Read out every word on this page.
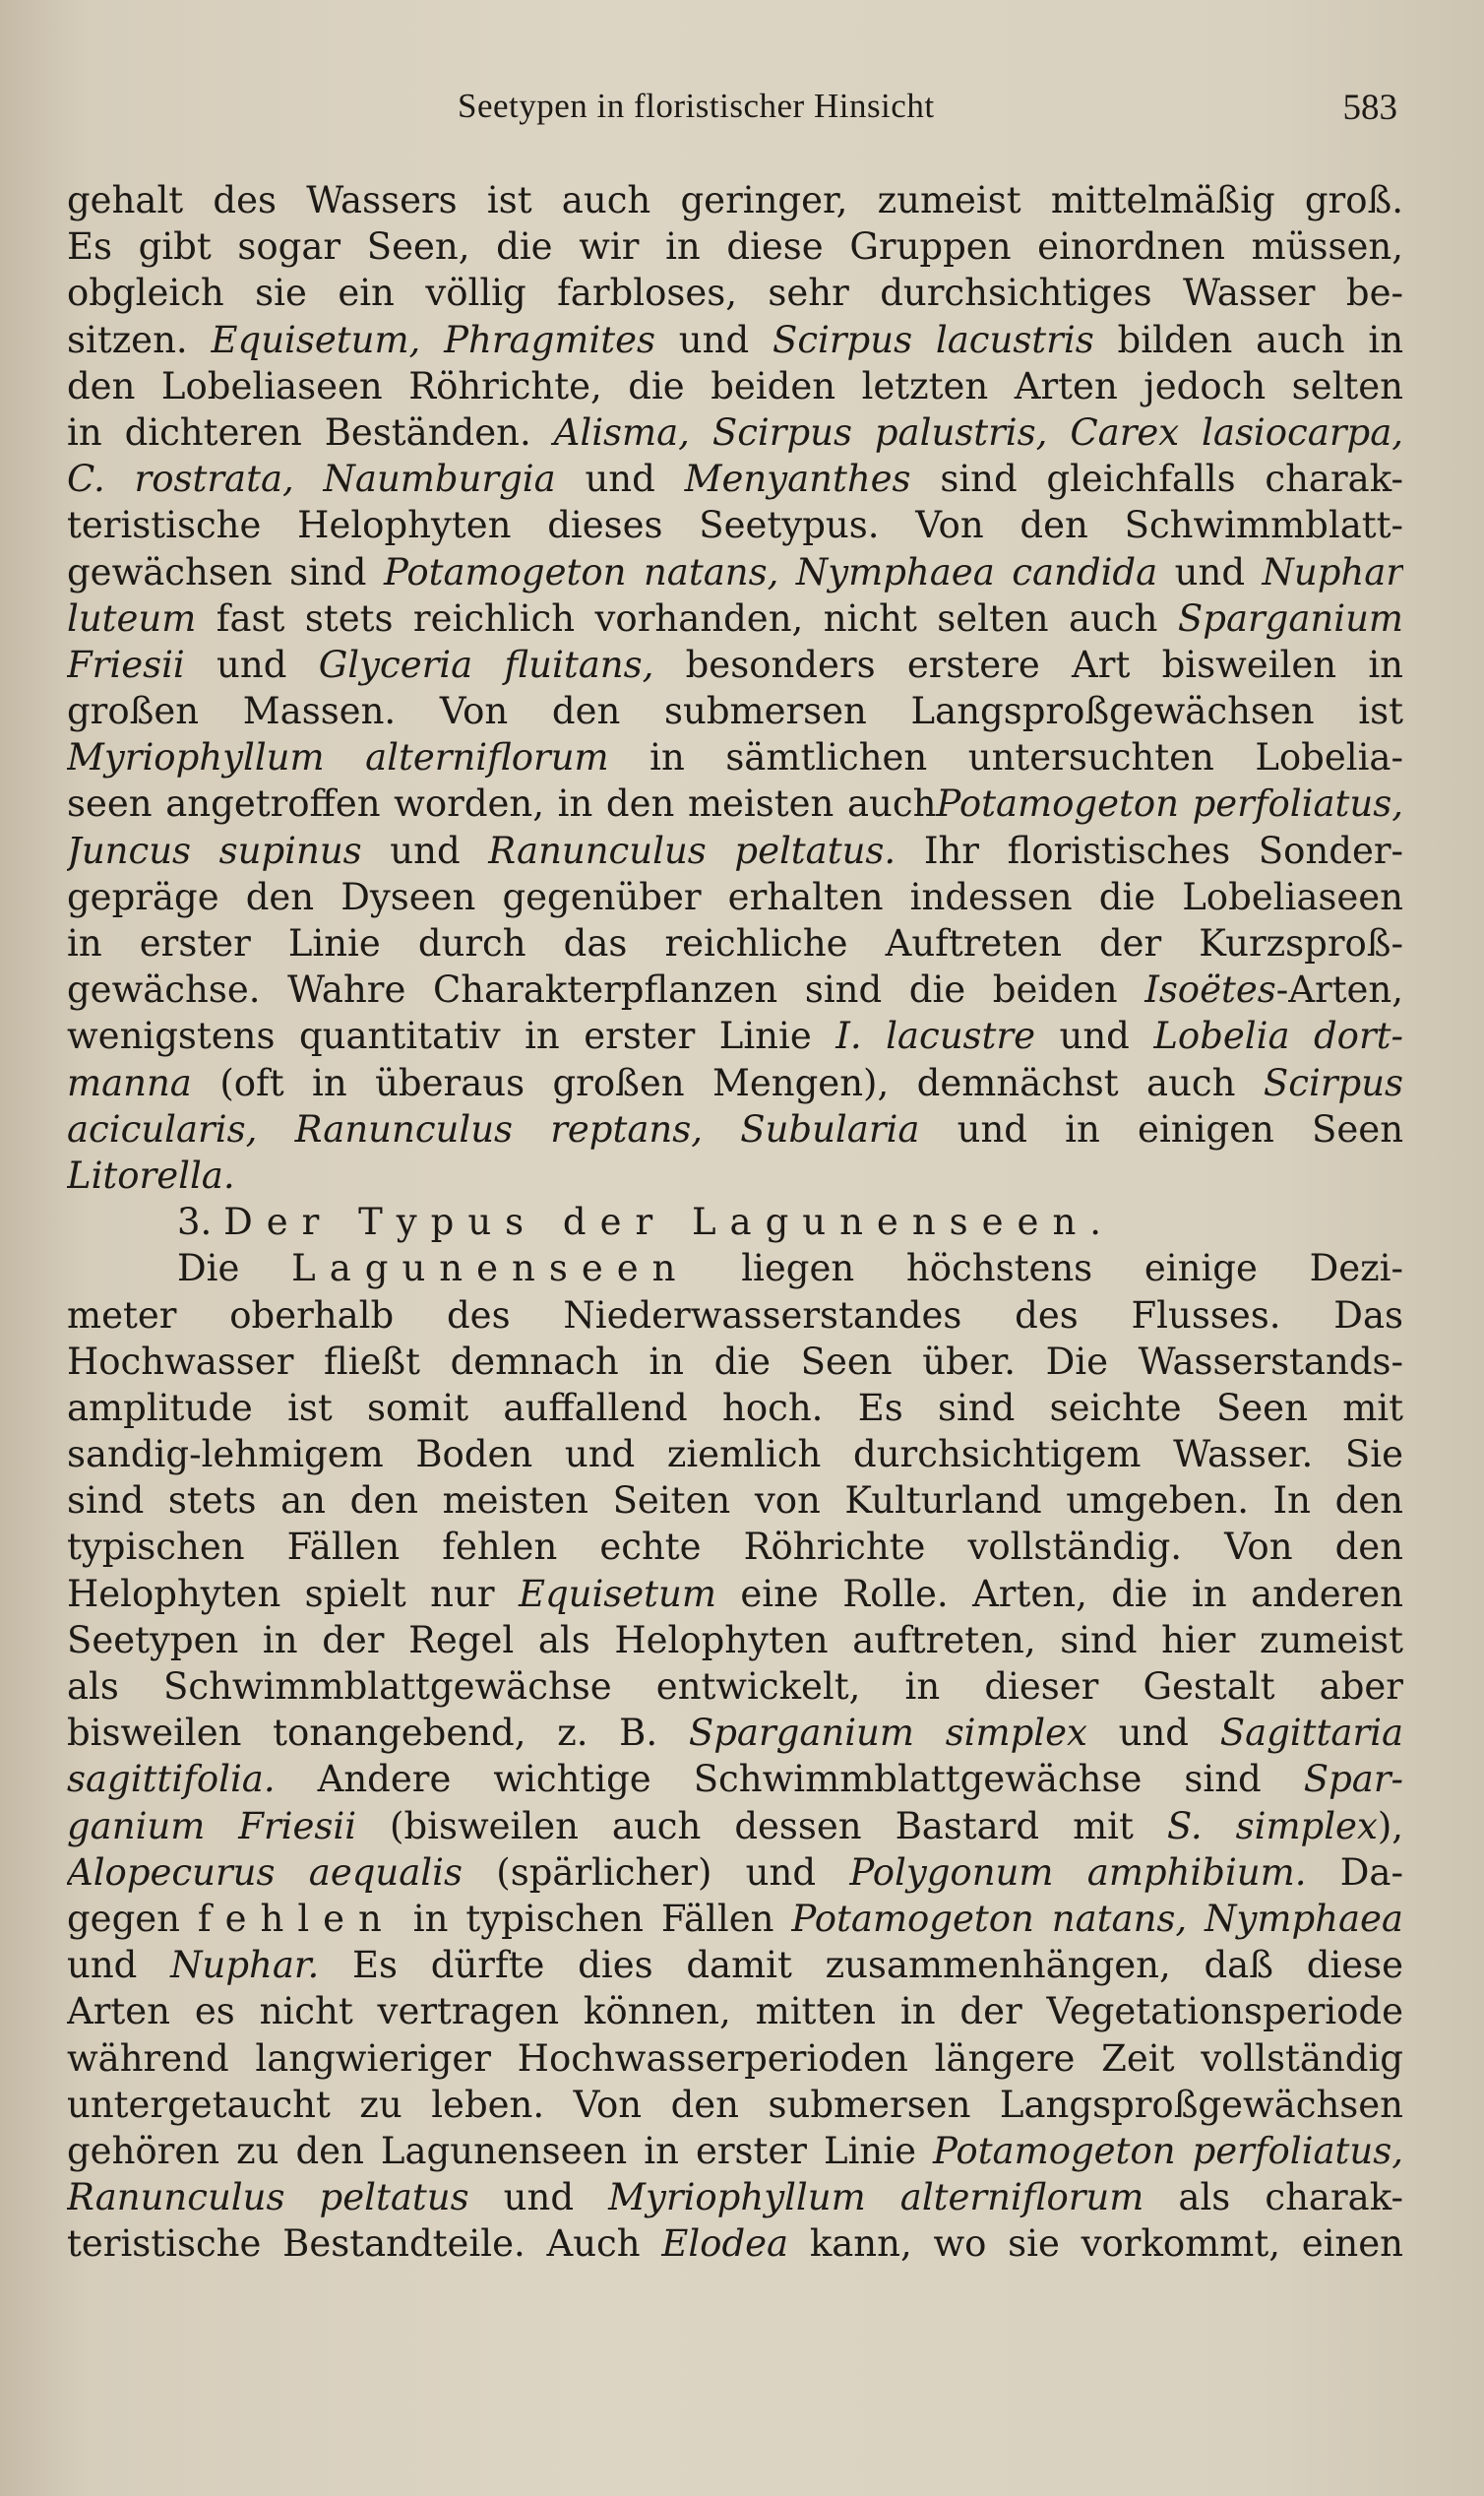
Seetypen in floristischer Hinsicht	583
gehalt des Wassers ist auch geringer, zumeist mittelmäßig groß.
Es gibt sogar Seen, die wir in diese Gruppen einordnen müssen,
obgleich sie ein völlig farbloses, sehr durchsichtiges Wasser be-
sitzen. Equisetum, Phragmites und Scirpus lacustris bilden auch in
den Lobeliaseen Röhrichte, die beiden letzten Arten jedoch selten
in dichteren Beständen. Alisma, Scirpus palustris, Carex lasiocarpa,
C. rostrata, Naumburgia und Menyanthes sind gleichfalls charak-
teristische Helophyten dieses Seetypus. Von den Schwimmblatt-
gewächsen sind Potamogeton natans, Nymphaea candida und Nuphar
luteum fast stets reichlich vorhanden, nicht selten auch Sparganium
Friesii und Glyceria fluitans, besonders erstere Art bisweilen in
großen Massen. Von den submersen Langsproßgewächsen ist
Myriophyllum alterniflorum in sämtlichen untersuchten Lobelia-
seen angetroffen worden, in den meisten auchPotamogeton perfoliatus,
Juncus supinus und Ranunculus peltatus. Ihr floristisches Sonder-
gepräge den Dyseen gegenüber erhalten indessen die Lobeliaseen
in erster Linie durch das reichliche Auftreten der Kurzsproß-
gewächse. Wahre Charakterpflanzen sind die beiden Isoëtes-Arten,
wenigstens quantitativ in erster Linie I. lacustre und Lobelia dort-
manna (oft in überaus großen Mengen), demnächst auch Scirpus
acicularis, Ranunculus reptans, Subularia und in einigen Seen
Litorella.
3. Der Typus der Lagunenseen.
Die Lagunenseen liegen höchstens einige Dezi-
meter oberhalb des Niederwasserstandes des Flusses. Das
Hochwasser fließt demnach in die Seen über. Die Wasserstands-
amplitude ist somit auffallend hoch. Es sind seichte Seen mit
sandig-lehmigem Boden und ziemlich durchsichtigem Wasser. Sie
sind stets an den meisten Seiten von Kulturland umgeben. In den
typischen Fällen fehlen echte Röhrichte vollständig. Von den
Helophyten spielt nur Equisetum eine Rolle. Arten, die in anderen
Seetypen in der Regel als Helophyten auftreten, sind hier zumeist
als Schwimmblattgewächse entwickelt, in dieser Gestalt aber
bisweilen tonangebend, z. B. Sparganium simplex und Sagittaria
sagittifolia. Andere wichtige Schwimmblattgewächse sind Spar-
ganium Friesii (bisweilen auch dessen Bastard mit S. simplex),
Alopecurus aequalis (spärlicher) und Polygonum amphibium. Da-
gegen fehlen in typischen Fällen Potamogeton natans, Nymphaea
und Nuphar. Es dürfte dies damit zusammenhängen, daß diese
Arten es nicht vertragen können, mitten in der Vegetationsperiode
während langwieriger Hochwasserperioden längere Zeit vollständig
untergetaucht zu leben. Von den submersen Langsproßgewächsen
gehören zu den Lagunenseen in erster Linie Potamogeton perfoliatus,
Ranunculus peltatus und Myriophyllum alterniflorum als charak-
teristische Bestandteile. Auch Elodea kann, wo sie vorkommt, einen
